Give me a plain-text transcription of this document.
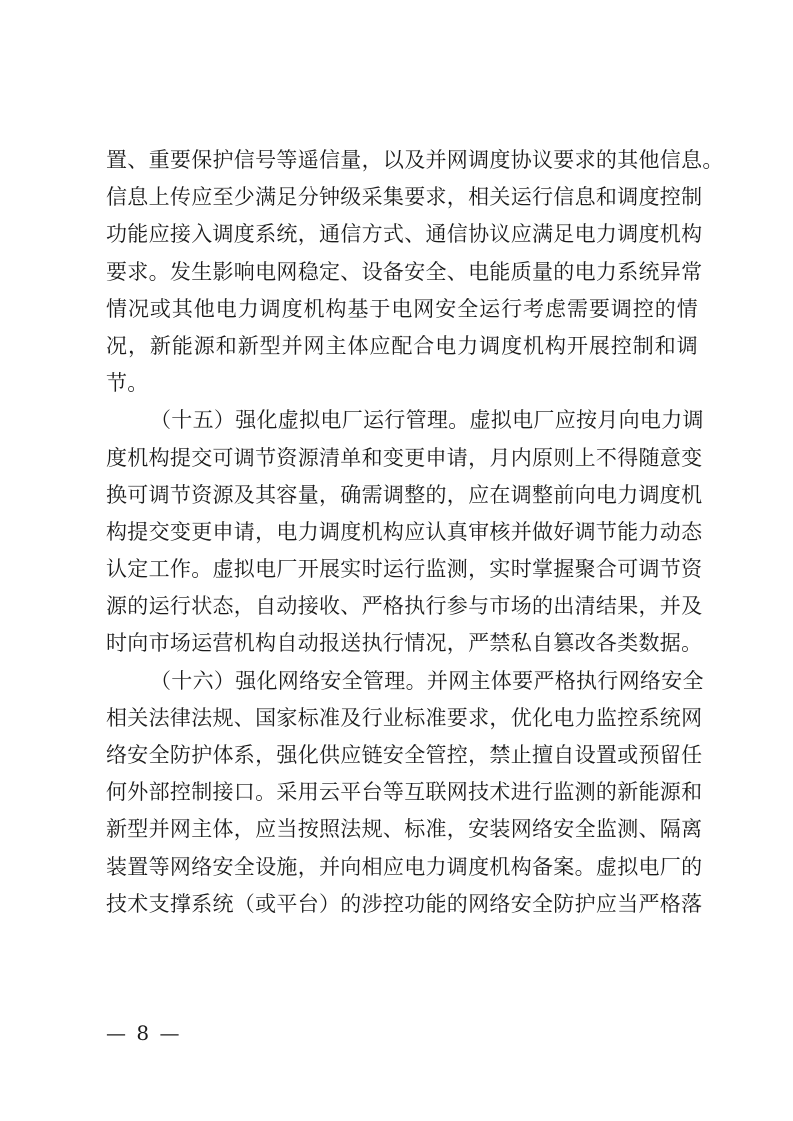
置、重要保护信号等遥信量，以及并网调度协议要求的其他信息。
信息上传应至少满足分钟级采集要求，相关运行信息和调度控制
功能应接入调度系统，通信方式、通信协议应满足电力调度机构
要求。发生影响电网稳定、设备安全、电能质量的电力系统异常
情况或其他电力调度机构基于电网安全运行考虑需要调控的情
况，新能源和新型并网主体应配合电力调度机构开展控制和调
节。
（十五）强化虚拟电厂运行管理。虚拟电厂应按月向电力调
度机构提交可调节资源清单和变更申请，月内原则上不得随意变
换可调节资源及其容量，确需调整的，应在调整前向电力调度机
构提交变更申请，电力调度机构应认真审核并做好调节能力动态
认定工作。虚拟电厂开展实时运行监测，实时掌握聚合可调节资
源的运行状态，自动接收、严格执行参与市场的出清结果，并及
时向市场运营机构自动报送执行情况，严禁私自篡改各类数据。
（十六）强化网络安全管理。并网主体要严格执行网络安全
相关法律法规、国家标准及行业标准要求，优化电力监控系统网
络安全防护体系，强化供应链安全管控，禁止擅自设置或预留任
何外部控制接口。采用云平台等互联网技术进行监测的新能源和
新型并网主体，应当按照法规、标准，安装网络安全监测、隔离
装置等网络安全设施，并向相应电力调度机构备案。虚拟电厂的
技术支撑系统（或平台）的涉控功能的网络安全防护应当严格落
— 8 —
